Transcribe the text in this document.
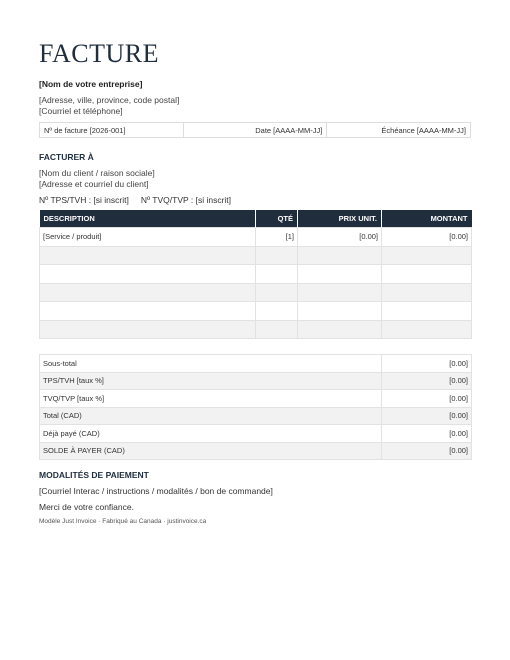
FACTURE
[Nom de votre entreprise]
[Adresse, ville, province, code postal]
[Courriel et téléphone]
Nº de facture [2026-001]	Date [AAAA-MM-JJ]	Échéance [AAAA-MM-JJ]
FACTURER À
[Nom du client / raison sociale]
[Adresse et courriel du client]
Nº TPS/TVH : [si inscrit] Nº TVQ/TVP : [si inscrit]
DESCRIPTION	QTÉ	PRIX UNIT.	MONTANT
[Service / produit]	[1]	[0.00]	[0.00]

Sous-total	[0.00]
TPS/TVH [taux %]	[0.00]
TVQ/TVP [taux %]	[0.00]
Total (CAD)	[0.00]
Déjà payé (CAD)	[0.00]
SOLDE À PAYER (CAD)	[0.00]
MODALITÉS DE PAIEMENT
[Courriel Interac / instructions / modalités / bon de commande]
Merci de votre confiance.
Modèle Just Invoice · Fabriqué au Canada · justinvoice.ca
